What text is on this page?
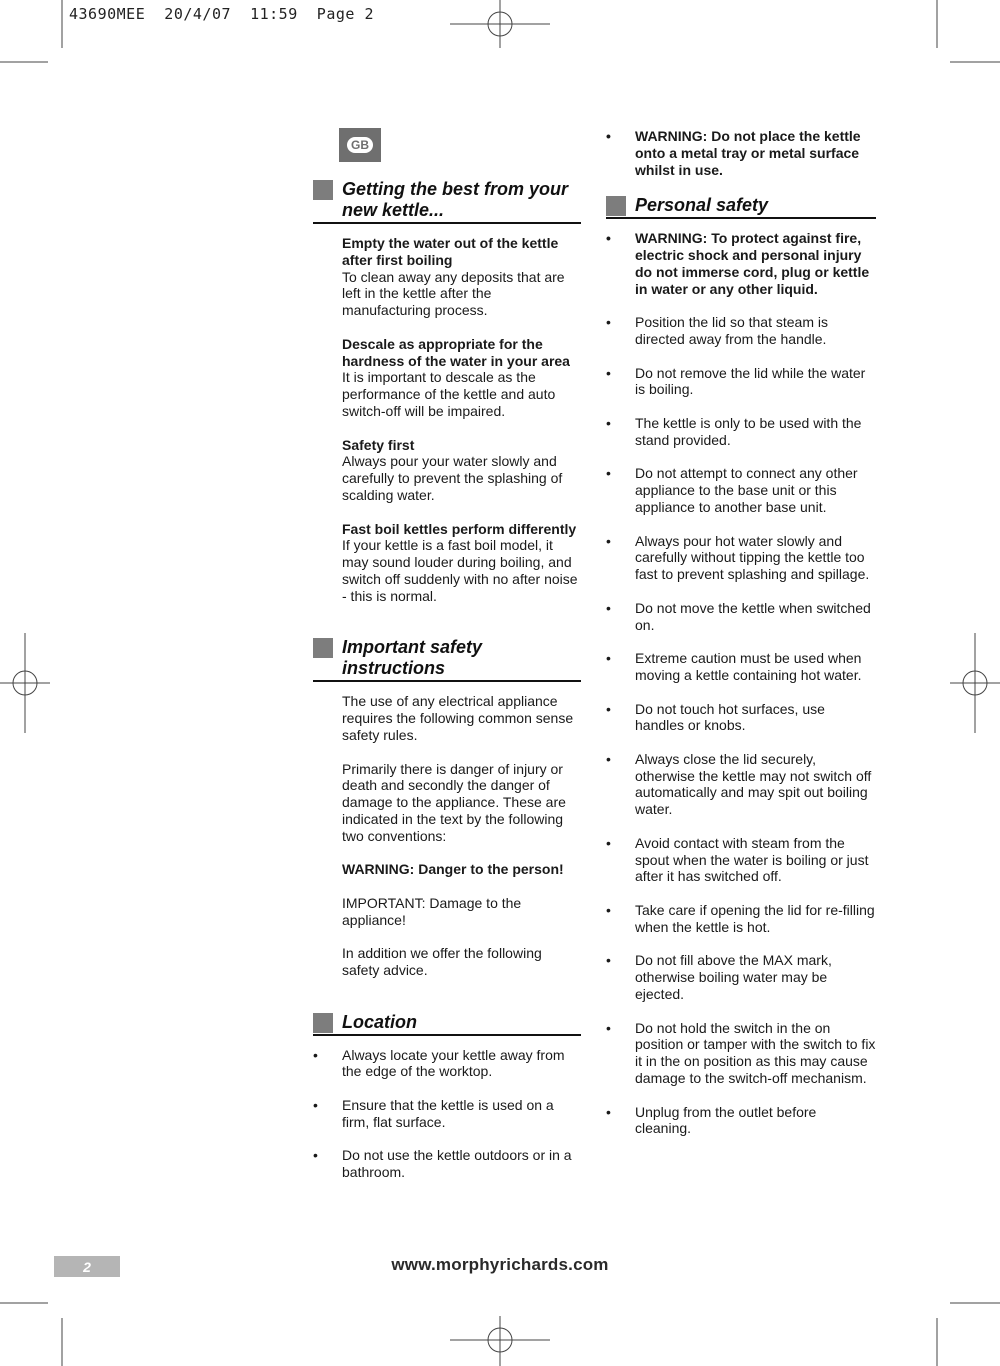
43690MEE  20/4/07  11:59  Page 2
GB
Getting the best from your new kettle...
Empty the water out of the kettle after first boiling
To clean away any deposits that are left in the kettle after the manufacturing process.
Descale as appropriate for the hardness of the water in your area
It is important to descale as the performance of the kettle and auto switch-off will be impaired.
Safety first
Always pour your water slowly and carefully to prevent the splashing of scalding water.
Fast boil kettles perform differently
If your kettle is a fast boil model, it may sound louder during boiling, and switch off suddenly with no after noise - this is normal.
Important safety instructions
The use of any electrical appliance requires the following common sense safety rules.
Primarily there is danger of injury or death and secondly the danger of damage to the appliance. These are indicated in the text by the following two conventions:
WARNING: Danger to the person!
IMPORTANT: Damage to the appliance!
In addition we offer the following safety advice.
Location
• Always locate your kettle away from the edge of the worktop.
• Ensure that the kettle is used on a firm, flat surface.
• Do not use the kettle outdoors or in a bathroom.
• WARNING: Do not place the kettle onto a metal tray or metal surface whilst in use.
Personal safety
• WARNING: To protect against fire, electric shock and personal injury do not immerse cord, plug or kettle in water or any other liquid.
• Position the lid so that steam is directed away from the handle.
• Do not remove the lid while the water is boiling.
• The kettle is only to be used with the stand provided.
• Do not attempt to connect any other appliance to the base unit or this appliance to another base unit.
• Always pour hot water slowly and carefully without tipping the kettle too fast to prevent splashing and spillage.
• Do not move the kettle when switched on.
• Extreme caution must be used when moving a kettle containing hot water.
• Do not touch hot surfaces, use handles or knobs.
• Always close the lid securely, otherwise the kettle may not switch off automatically and may spit out boiling water.
• Avoid contact with steam from the spout when the water is boiling or just after it has switched off.
• Take care if opening the lid for re-filling when the kettle is hot.
• Do not fill above the MAX mark, otherwise boiling water may be ejected.
• Do not hold the switch in the on position or tamper with the switch to fix it in the on position as this may cause damage to the switch-off mechanism.
• Unplug from the outlet before cleaning.
2	www.morphyrichards.com
